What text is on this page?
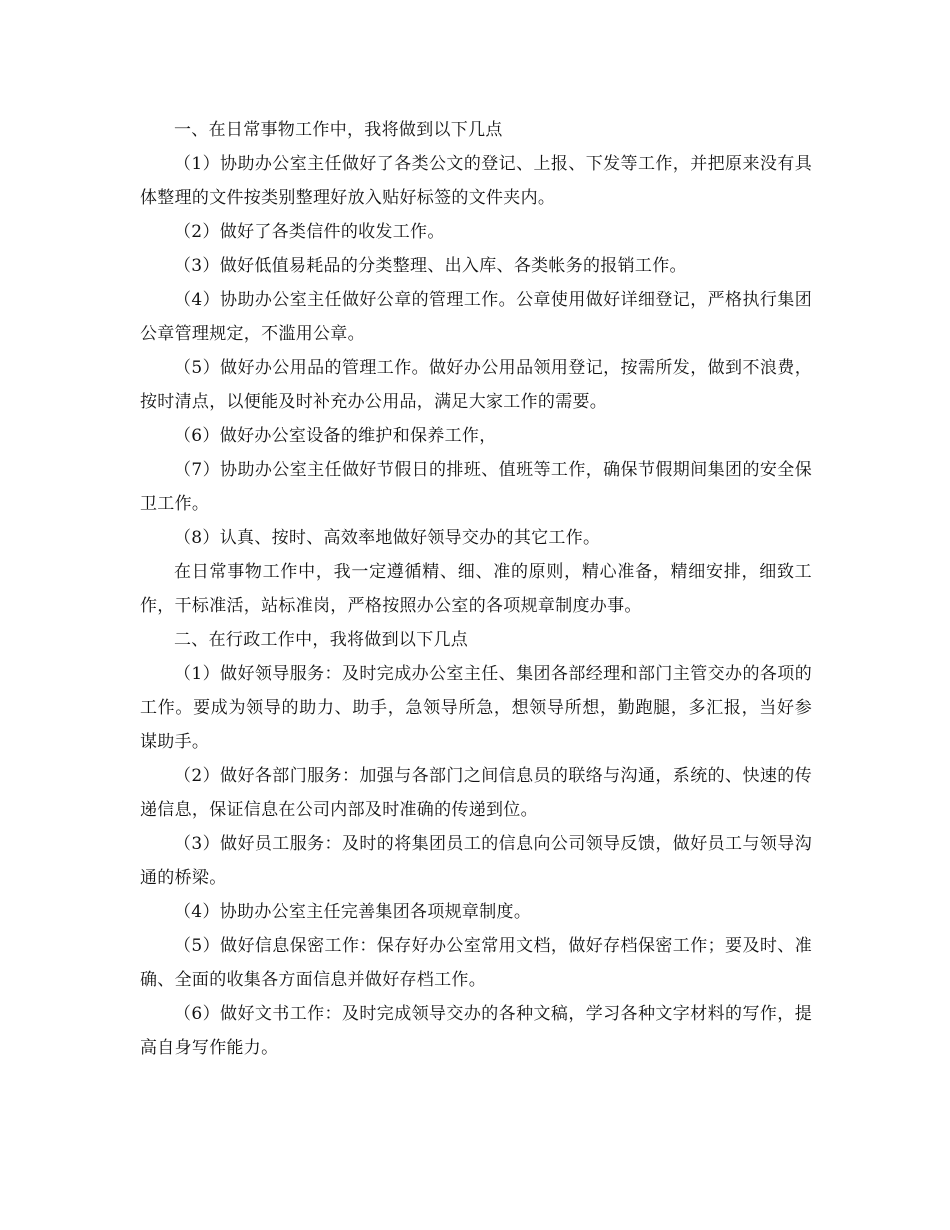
一、在日常事物工作中，我将做到以下几点

（1）协助办公室主任做好了各类公文的登记、上报、下发等工作，并把原来没有具体整理的文件按类别整理好放入贴好标签的文件夹内。

（2）做好了各类信件的收发工作。

（3）做好低值易耗品的分类整理、出入库、各类帐务的报销工作。

（4）协助办公室主任做好公章的管理工作。公章使用做好详细登记，严格执行集团公章管理规定，不滥用公章。

（5）做好办公用品的管理工作。做好办公用品领用登记，按需所发，做到不浪费，按时清点，以便能及时补充办公用品，满足大家工作的需要。

（6）做好办公室设备的维护和保养工作，

（7）协助办公室主任做好节假日的排班、值班等工作，确保节假期间集团的安全保卫工作。

（8）认真、按时、高效率地做好领导交办的其它工作。

在日常事物工作中，我一定遵循精、细、准的原则，精心准备，精细安排，细致工作，干标准活，站标准岗，严格按照办公室的各项规章制度办事。

二、在行政工作中，我将做到以下几点

（1）做好领导服务：及时完成办公室主任、集团各部经理和部门主管交办的各项的工作。要成为领导的助力、助手，急领导所急，想领导所想，勤跑腿，多汇报，当好参谋助手。

（2）做好各部门服务：加强与各部门之间信息员的联络与沟通，系统的、快速的传递信息，保证信息在公司内部及时准确的传递到位。

（3）做好员工服务：及时的将集团员工的信息向公司领导反馈，做好员工与领导沟通的桥梁。

（4）协助办公室主任完善集团各项规章制度。

（5）做好信息保密工作：保存好办公室常用文档，做好存档保密工作；要及时、准确、全面的收集各方面信息并做好存档工作。

（6）做好文书工作：及时完成领导交办的各种文稿，学习各种文字材料的写作，提高自身写作能力。
